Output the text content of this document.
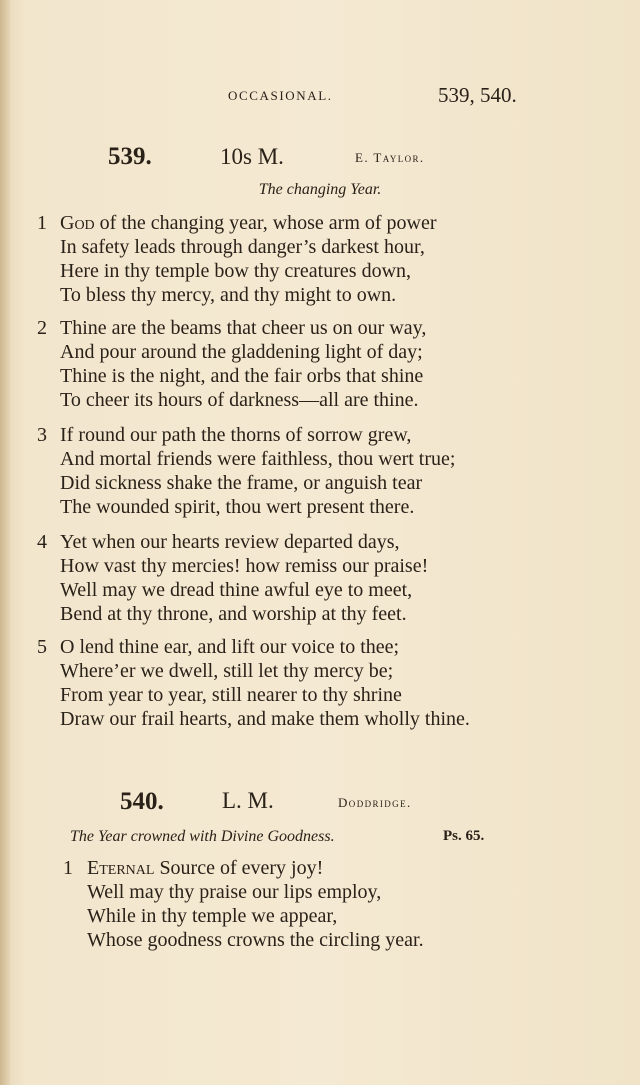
OCCASIONAL.	539, 540.
539.	10s M.	E. Taylor.
The changing Year.
1 God of the changing year, whose arm of power
In safety leads through danger’s darkest hour,
Here in thy temple bow thy creatures down,
To bless thy mercy, and thy might to own.
2 Thine are the beams that cheer us on our way,
And pour around the gladdening light of day;
Thine is the night, and the fair orbs that shine
To cheer its hours of darkness—all are thine.
3 If round our path the thorns of sorrow grew,
And mortal friends were faithless, thou wert true;
Did sickness shake the frame, or anguish tear
The wounded spirit, thou wert present there.
4 Yet when our hearts review departed days,
How vast thy mercies! how remiss our praise!
Well may we dread thine awful eye to meet,
Bend at thy throne, and worship at thy feet.
5 O lend thine ear, and lift our voice to thee;
Where’er we dwell, still let thy mercy be;
From year to year, still nearer to thy shrine
Draw our frail hearts, and make them wholly thine.
540.	L. M.	Doddridge.
The Year crowned with Divine Goodness.	Ps. 65.
1 Eternal Source of every joy!
Well may thy praise our lips employ,
While in thy temple we appear,
Whose goodness crowns the circling year.
